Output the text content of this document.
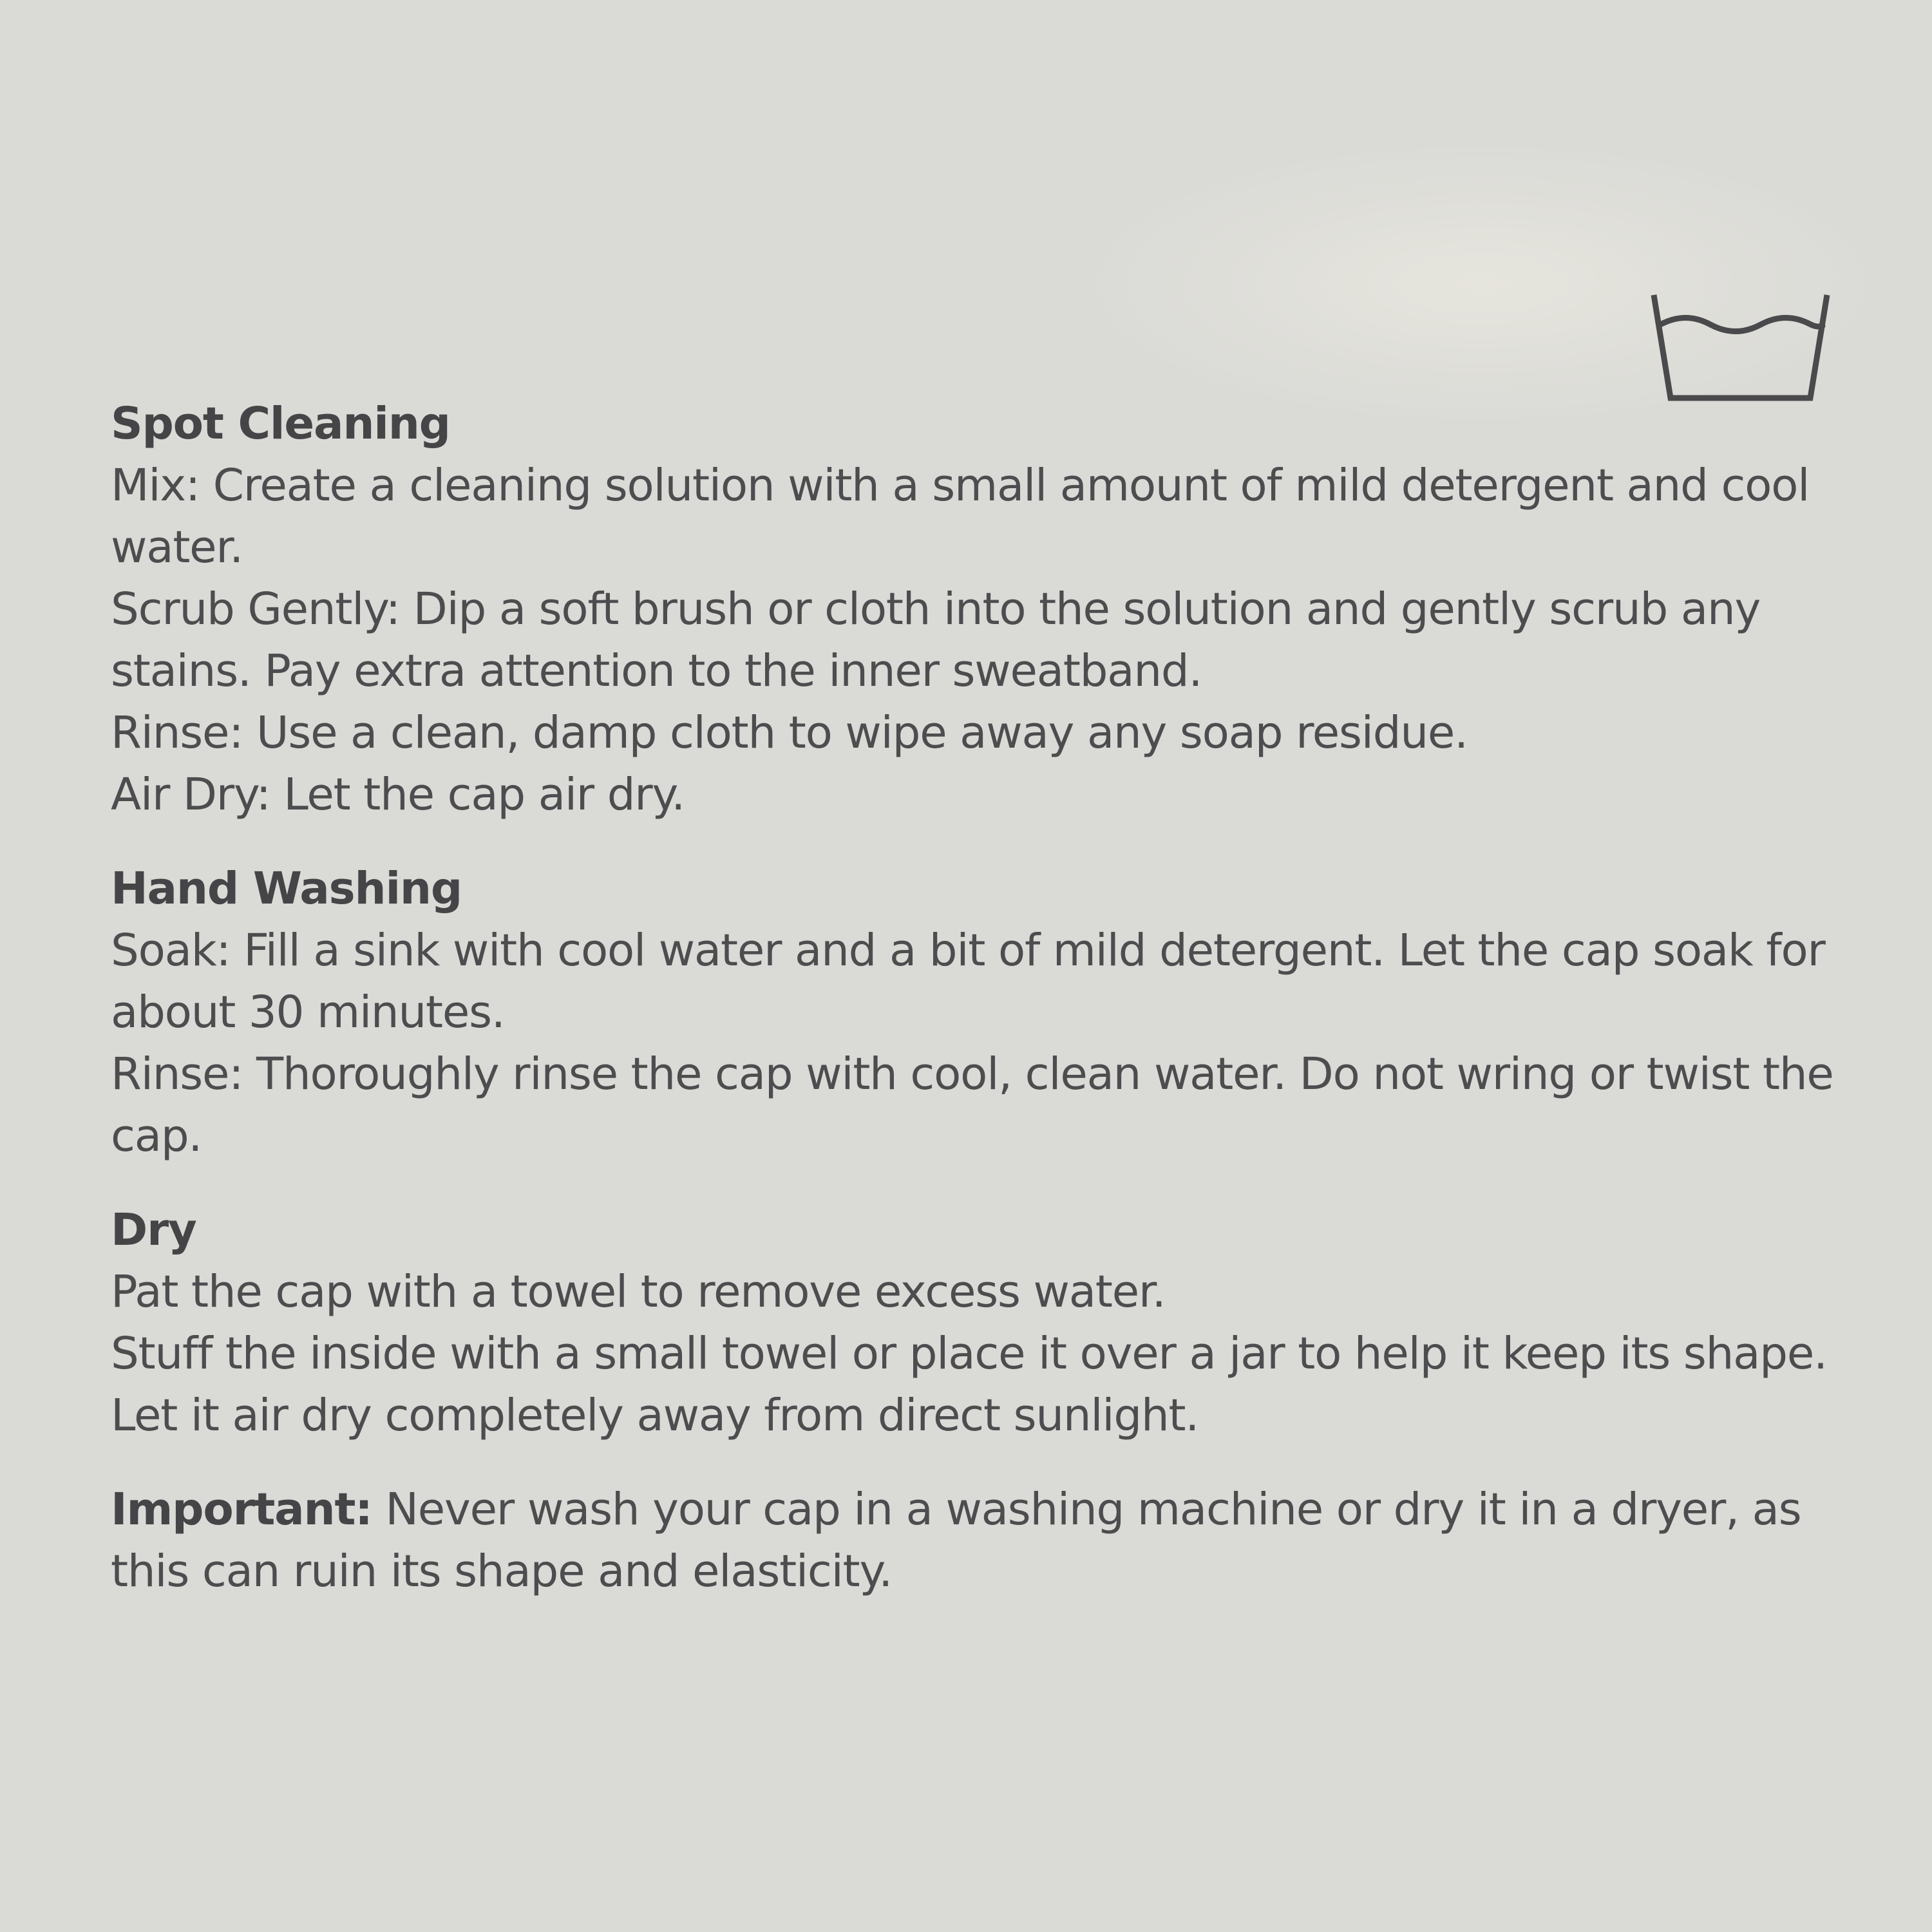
Spot Cleaning

Mix: Create a cleaning solution with a small amount of mild detergent and cool water.

Scrub Gently: Dip a soft brush or cloth into the solution and gently scrub any stains. Pay extra attention to the inner sweatband.

Rinse: Use a clean, damp cloth to wipe away any soap residue.

Air Dry: Let the cap air dry.

Hand Washing

Soak: Fill a sink with cool water and a bit of mild detergent. Let the cap soak for about 30 minutes.

Rinse: Thoroughly rinse the cap with cool, clean water. Do not wring or twist the cap.

Dry

Pat the cap with a towel to remove excess water.

Stuff the inside with a small towel or place it over a jar to help it keep its shape.

Let it air dry completely away from direct sunlight.

Important: Never wash your cap in a washing machine or dry it in a dryer, as this can ruin its shape and elasticity.
